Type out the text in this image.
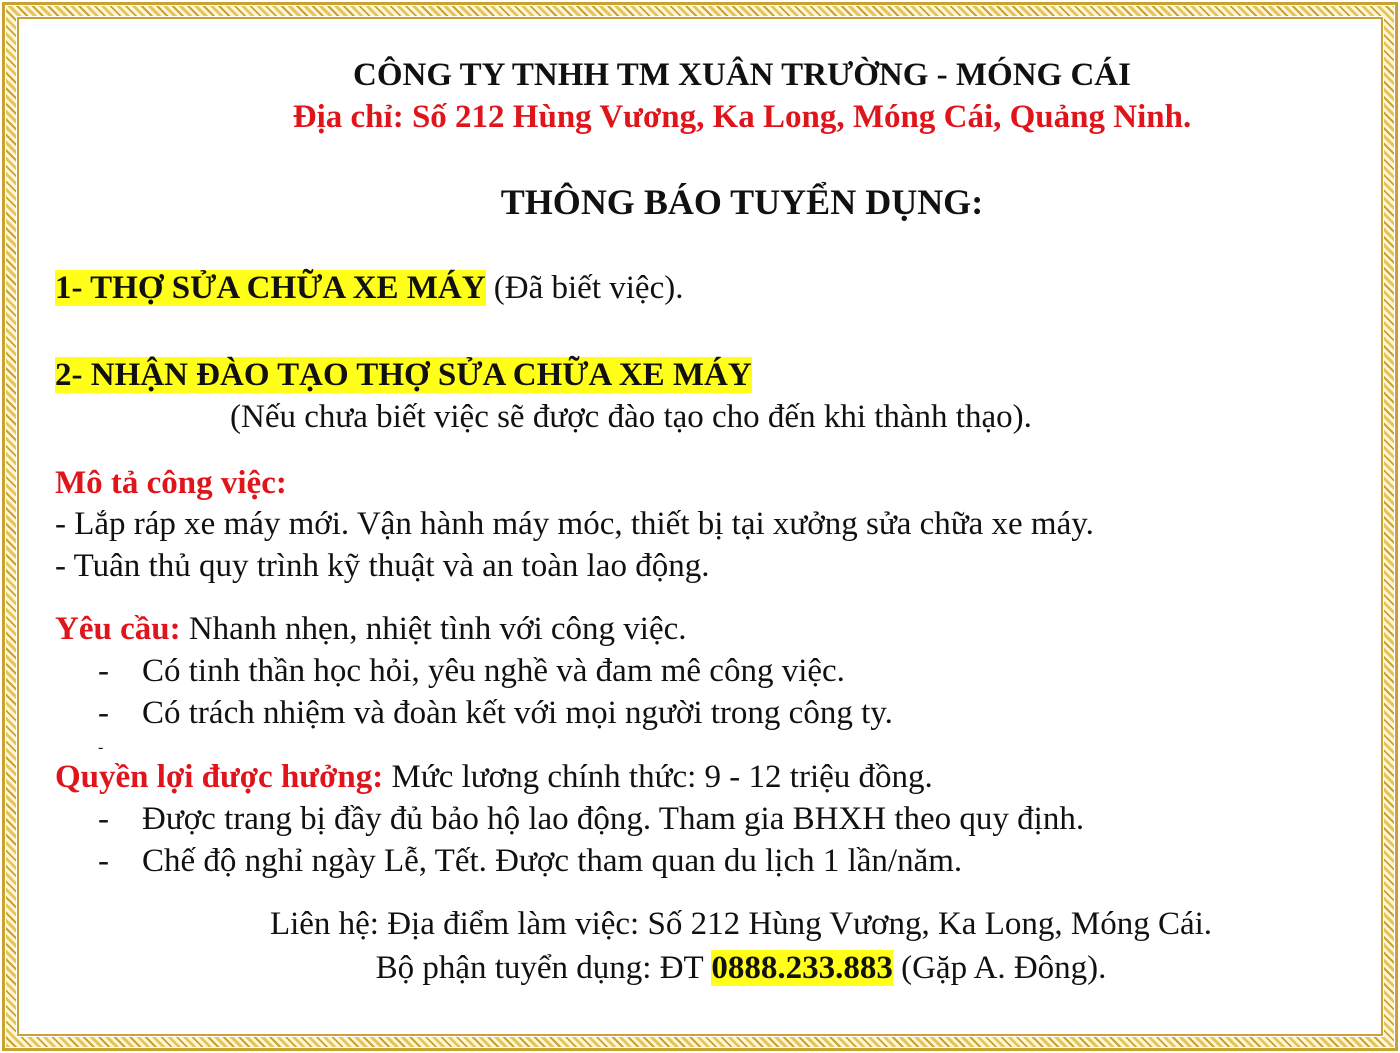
CÔNG TY TNHH TM XUÂN TRƯỜNG - MÓNG CÁI
Địa chỉ: Số 212 Hùng Vương, Ka Long, Móng Cái, Quảng Ninh.
THÔNG BÁO TUYỂN DỤNG:
1- THỢ SỬA CHỮA XE MÁY (Đã biết việc).
2- NHẬN ĐÀO TẠO THỢ SỬA CHỮA XE MÁY
(Nếu chưa biết việc sẽ được đào tạo cho đến khi thành thạo).
Mô tả công việc:
- Lắp ráp xe máy mới. Vận hành máy móc, thiết bị tại xưởng sửa chữa xe máy.
- Tuân thủ quy trình kỹ thuật và an toàn lao động.
Yêu cầu: Nhanh nhẹn, nhiệt tình với công việc.
- Có tinh thần học hỏi, yêu nghề và đam mê công việc.
- Có trách nhiệm và đoàn kết với mọi người trong công ty.
-
Quyền lợi được hưởng: Mức lương chính thức: 9 - 12 triệu đồng.
- Được trang bị đầy đủ bảo hộ lao động. Tham gia BHXH theo quy định.
- Chế độ nghỉ ngày Lễ, Tết. Được tham quan du lịch 1 lần/năm.
Liên hệ: Địa điểm làm việc: Số 212 Hùng Vương, Ka Long, Móng Cái.
Bộ phận tuyển dụng: ĐT 0888.233.883 (Gặp A. Đông).
